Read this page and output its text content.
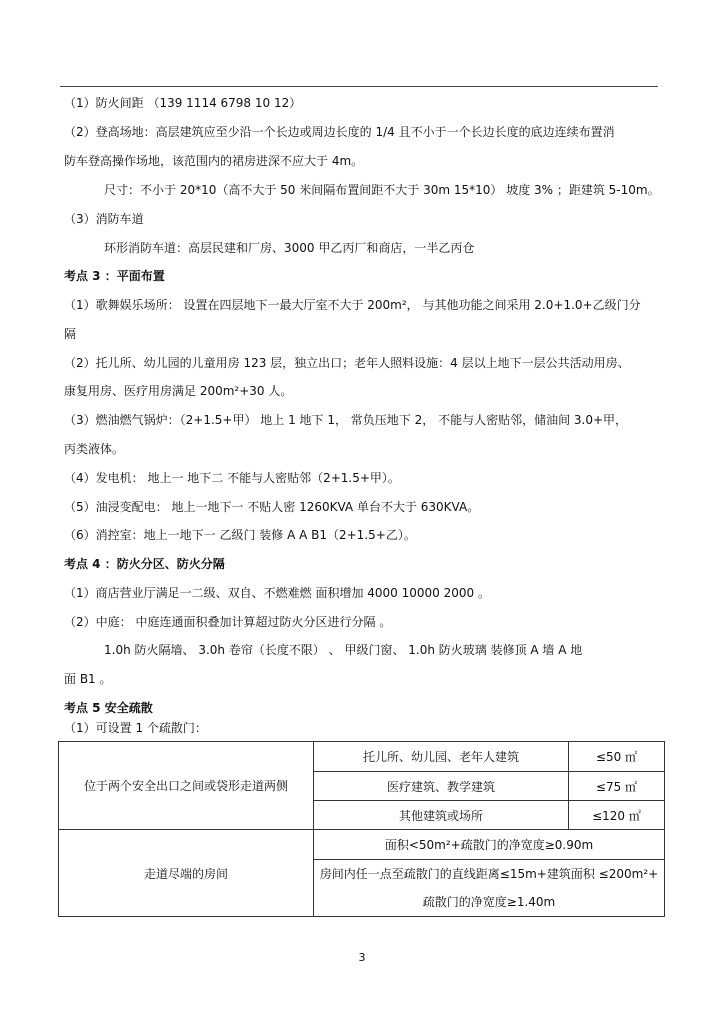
（1）防火间距 （139 1114 6798 10 12）
（2）登高场地：高层建筑应至少沿一个长边或周边长度的 1/4 且不小于一个长边长度的底边连续布置消
防车登高操作场地，该范围内的裙房进深不应大于 4m。
尺寸：不小于 20*10（高不大于 50 米间隔布置间距不大于 30m 15*10） 坡度 3% ；距建筑 5-10m。
（3）消防车道
环形消防车道：高层民建和厂房、3000 甲乙丙厂和商店，一半乙丙仓
考点 3 ：平面布置
（1）歌舞娱乐场所： 设置在四层地下一最大厅室不大于 200m²， 与其他功能之间采用 2.0+1.0+乙级门分
隔
（2）托儿所、幼儿园的儿童用房 123 层，独立出口；老年人照料设施：4 层以上地下一层公共活动用房、
康复用房、医疗用房满足 200m²+30 人。
（3）燃油燃气锅炉：（2+1.5+甲） 地上 1 地下 1， 常负压地下 2， 不能与人密贴邻，储油间 3.0+甲，
丙类液体。
（4）发电机： 地上一 地下二 不能与人密贴邻（2+1.5+甲）。
（5）油浸变配电： 地上一地下一 不贴人密 1260KVA 单台不大于 630KVA。
（6）消控室：地上一地下一 乙级门 装修 A A B1（2+1.5+乙）。
考点 4 ：防火分区、防火分隔
（1）商店营业厅满足一二级、双自、不燃难燃 面积增加 4000 10000 2000 。
（2）中庭： 中庭连通面积叠加计算超过防火分区进行分隔 。
1.0h 防火隔墙、 3.0h 卷帘（长度不限） 、 甲级门窗、 1.0h 防火玻璃 装修顶 A 墙 A 地
面 B1 。
考点 5 安全疏散
（1）可设置 1 个疏散门：
位于两个安全出口之间或袋形走道两侧	托儿所、幼儿园、老年人建筑	≤50 ㎡
	医疗建筑、教学建筑	≤75 ㎡
	其他建筑或场所	≤120 ㎡
走道尽端的房间	面积<50m²+疏散门的净宽度≥0.90m	

	房间内任一点至疏散门的直线距离≤15m+建筑面积 ≤200m²+
疏散门的净宽度≥1.40m	
3
